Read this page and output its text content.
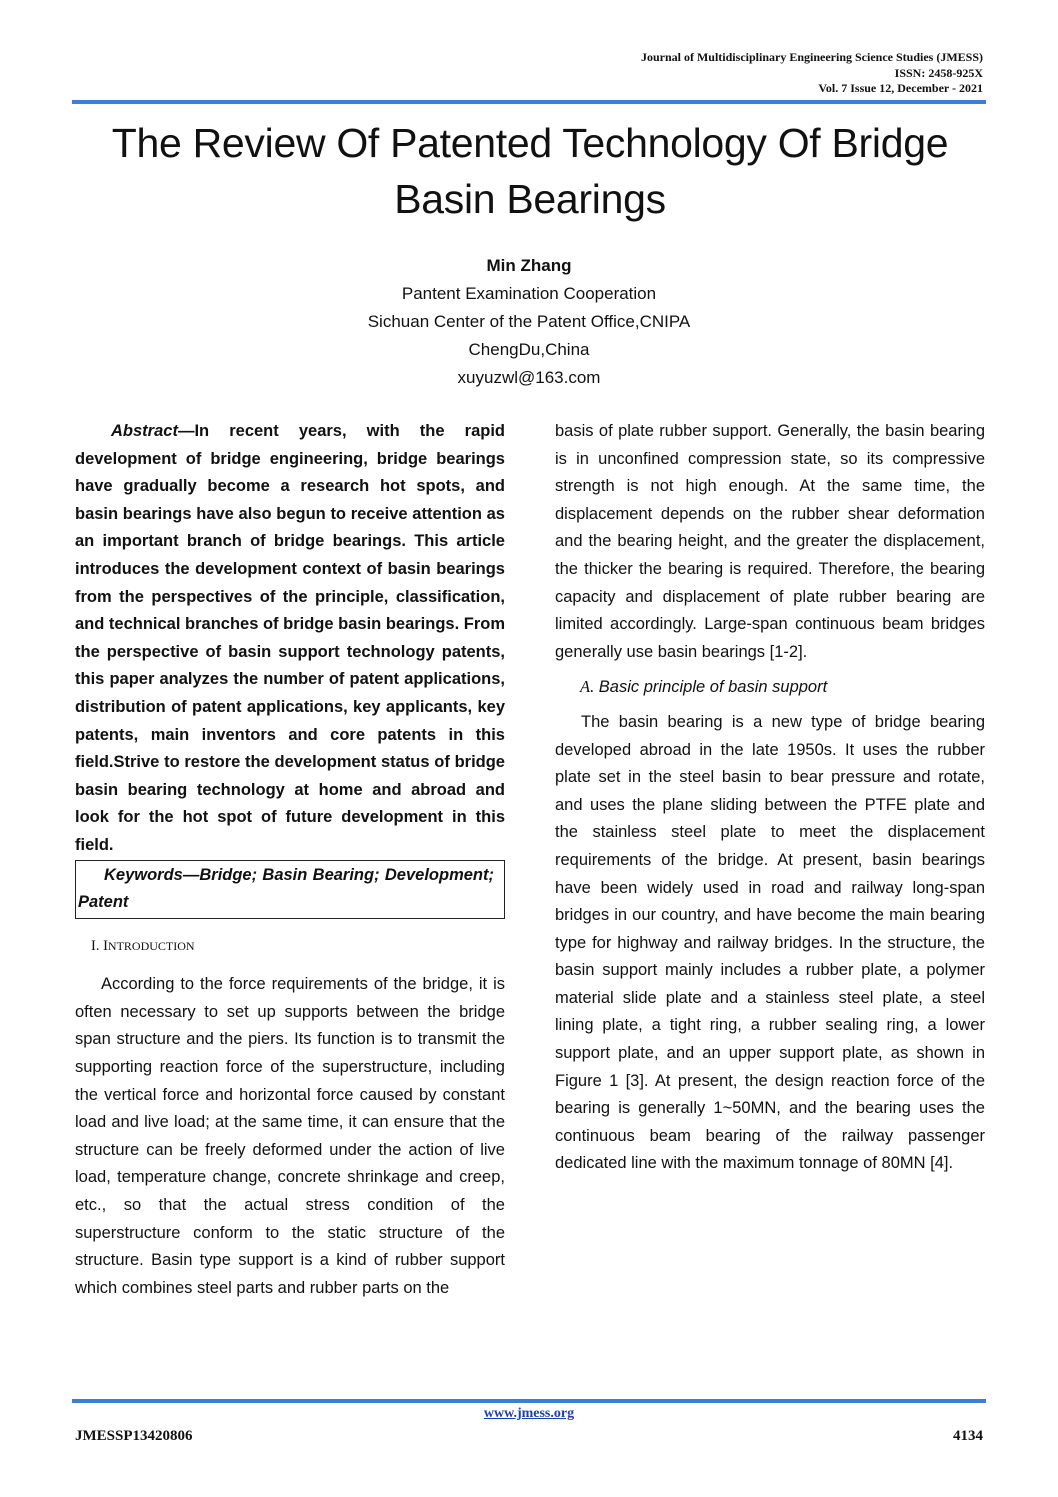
Journal of Multidisciplinary Engineering Science Studies (JMESS)
ISSN: 2458-925X
Vol. 7 Issue 12, December - 2021
The Review Of Patented Technology Of Bridge
Basin Bearings
Min Zhang
Pantent Examination Cooperation
Sichuan Center of the Patent Office,CNIPA
ChengDu,China
xuyuzwl@163.com

Abstract—In recent years, with the rapid development of bridge engineering, bridge bearings have gradually become a research hot spots, and basin bearings have also begun to receive attention as an important branch of bridge bearings. This article introduces the development context of basin bearings from the perspectives of the principle, classification, and technical branches of bridge basin bearings. From the perspective of basin support technology patents, this paper analyzes the number of patent applications, distribution of patent applications, key applicants, key patents, main inventors and core patents in this field.Strive to restore the development status of bridge basin bearing technology at home and abroad and look for the hot spot of future development in this field.

Keywords—Bridge; Basin Bearing; Development; Patent

I. INTRODUCTION

According to the force requirements of the bridge, it is often necessary to set up supports between the bridge span structure and the piers. Its function is to transmit the supporting reaction force of the superstructure, including the vertical force and horizontal force caused by constant load and live load; at the same time, it can ensure that the structure can be freely deformed under the action of live load, temperature change, concrete shrinkage and creep, etc., so that the actual stress condition of the superstructure conform to the static structure of the structure. Basin type support is a kind of rubber support which combines steel parts and rubber parts on the

basis of plate rubber support. Generally, the basin bearing is in unconfined compression state, so its compressive strength is not high enough. At the same time, the displacement depends on the rubber shear deformation and the bearing height, and the greater the displacement, the thicker the bearing is required. Therefore, the bearing capacity and displacement of plate rubber bearing are limited accordingly. Large-span continuous beam bridges generally use basin bearings [1-2].

A. Basic principle of basin support

The basin bearing is a new type of bridge bearing developed abroad in the late 1950s. It uses the rubber plate set in the steel basin to bear pressure and rotate, and uses the plane sliding between the PTFE plate and the stainless steel plate to meet the displacement requirements of the bridge. At present, basin bearings have been widely used in road and railway long-span bridges in our country, and have become the main bearing type for highway and railway bridges. In the structure, the basin support mainly includes a rubber plate, a polymer material slide plate and a stainless steel plate, a steel lining plate, a tight ring, a rubber sealing ring, a lower support plate, and an upper support plate, as shown in Figure 1 [3]. At present, the design reaction force of the bearing is generally 1~50MN, and the bearing uses the continuous beam bearing of the railway passenger dedicated line with the maximum tonnage of 80MN [4].

www.jmess.org
JMESSP13420806	4134
